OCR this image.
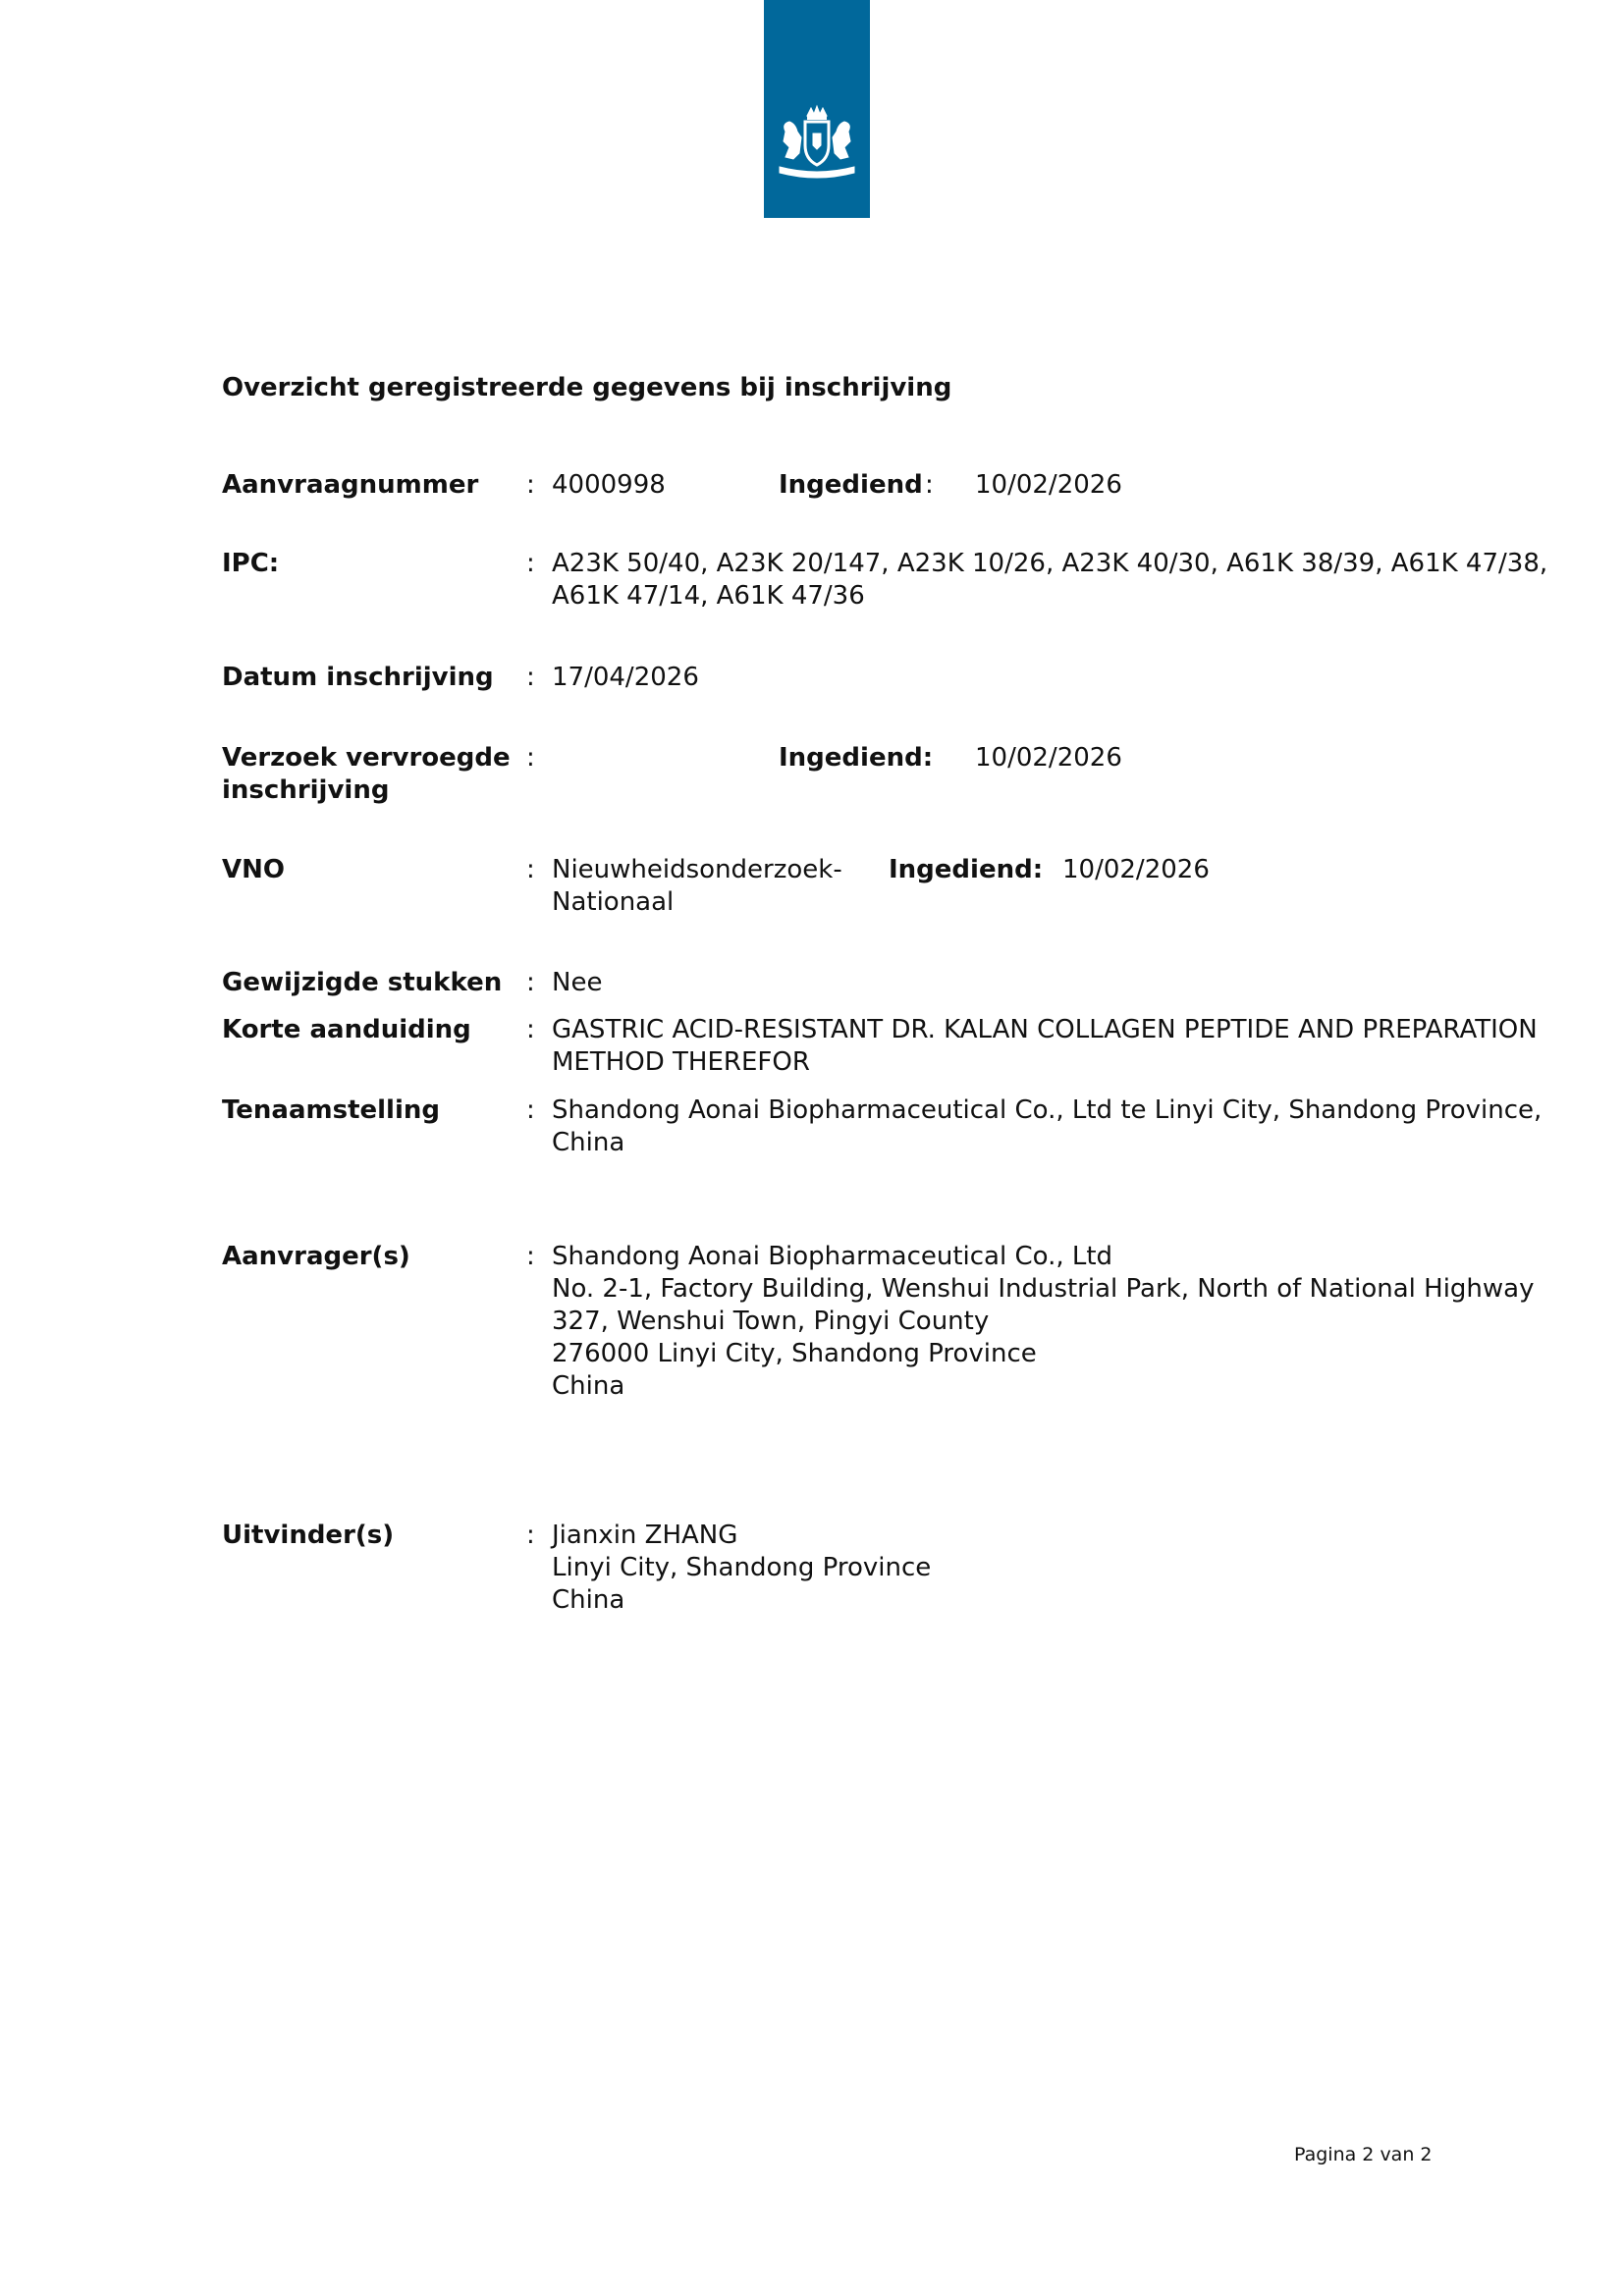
Overzicht geregistreerde gegevens bij inschrijving
Aanvraagnummer	: 4000998	Ingediend : 10/02/2026
IPC:	: A23K 50/40, A23K 20/147, A23K 10/26, A23K 40/30, A61K 38/39, A61K 47/38,
A61K 47/14, A61K 47/36
Datum inschrijving	: 17/04/2026
Verzoek vervroegde
inschrijving
:	Ingediend: 10/02/2026
VNO	: Nieuwheidsonderzoek-
Nationaal
Ingediend: 10/02/2026
Gewijzigde stukken : Nee
Korte aanduiding	: GASTRIC ACID-RESISTANT DR. KALAN COLLAGEN PEPTIDE AND PREPARATION
METHOD THEREFOR
Tenaamstelling	: Shandong Aonai Biopharmaceutical Co., Ltd te Linyi City, Shandong Province,
China
Aanvrager(s)	: Shandong Aonai Biopharmaceutical Co., Ltd
No. 2-1, Factory Building, Wenshui Industrial Park, North of National Highway
327, Wenshui Town, Pingyi County
276000 Linyi City, Shandong Province
China
Uitvinder(s)	: Jianxin ZHANG
Linyi City, Shandong Province
China
Pagina 2 van 2
